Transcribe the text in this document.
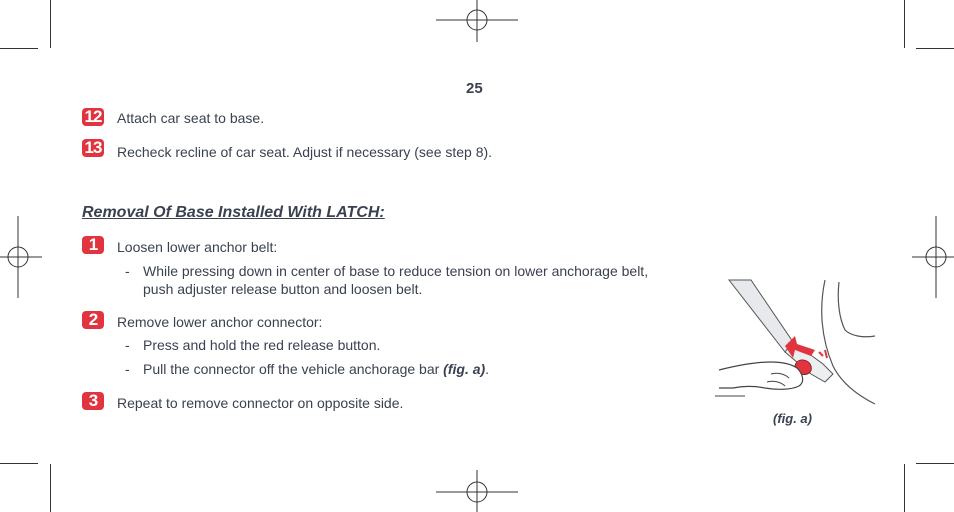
25
12 Attach car seat to base.
13 Recheck recline of car seat. Adjust if necessary (see step 8).
Removal Of Base Installed With LATCH:
1	Loosen lower anchor belt:
- While pressing down in center of base to reduce tension on lower anchorage belt,
push adjuster release button and loosen belt.
2	Remove lower anchor connector:
- Press and hold the red release button.
- Pull the connector off the vehicle anchorage bar (fig. a).
3	Repeat to remove connector on opposite side.
(fig. a)
